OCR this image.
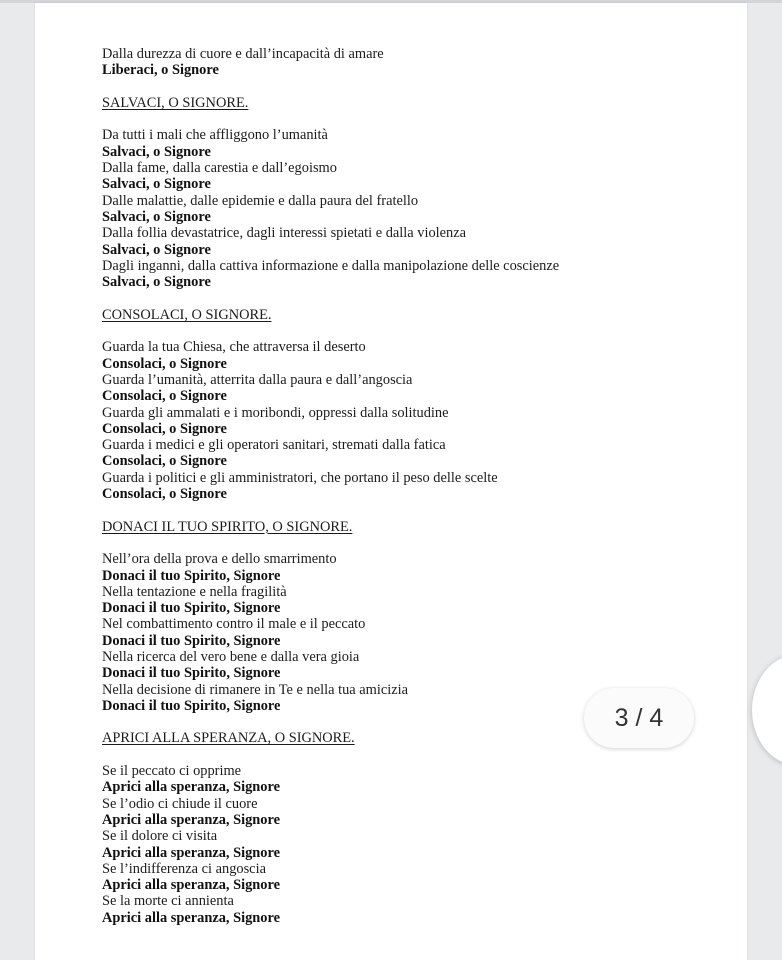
Dalla durezza di cuore e dall’incapacità di amare
Liberaci, o Signore
SALVACI, O SIGNORE.
Da tutti i mali che affliggono l’umanità
Salvaci, o Signore
Dalla fame, dalla carestia e dall’egoismo
Salvaci, o Signore
Dalle malattie, dalle epidemie e dalla paura del fratello
Salvaci, o Signore
Dalla follia devastatrice, dagli interessi spietati e dalla violenza
Salvaci, o Signore
Dagli inganni, dalla cattiva informazione e dalla manipolazione delle coscienze
Salvaci, o Signore
CONSOLACI, O SIGNORE.
Guarda la tua Chiesa, che attraversa il deserto
Consolaci, o Signore
Guarda l’umanità, atterrita dalla paura e dall’angoscia
Consolaci, o Signore
Guarda gli ammalati e i moribondi, oppressi dalla solitudine
Consolaci, o Signore
Guarda i medici e gli operatori sanitari, stremati dalla fatica
Consolaci, o Signore
Guarda i politici e gli amministratori, che portano il peso delle scelte
Consolaci, o Signore
DONACI IL TUO SPIRITO, O SIGNORE.
Nell’ora della prova e dello smarrimento
Donaci il tuo Spirito, Signore
Nella tentazione e nella fragilità
Donaci il tuo Spirito, Signore
Nel combattimento contro il male e il peccato
Donaci il tuo Spirito, Signore
Nella ricerca del vero bene e dalla vera gioia
Donaci il tuo Spirito, Signore
Nella decisione di rimanere in Te e nella tua amicizia
Donaci il tuo Spirito, Signore
APRICI ALLA SPERANZA, O SIGNORE.
Se il peccato ci opprime
Aprici alla speranza, Signore
Se l’odio ci chiude il cuore
Aprici alla speranza, Signore
Se il dolore ci visita
Aprici alla speranza, Signore
Se l’indifferenza ci angoscia
Aprici alla speranza, Signore
Se la morte ci annienta
Aprici alla speranza, Signore
3 / 4
